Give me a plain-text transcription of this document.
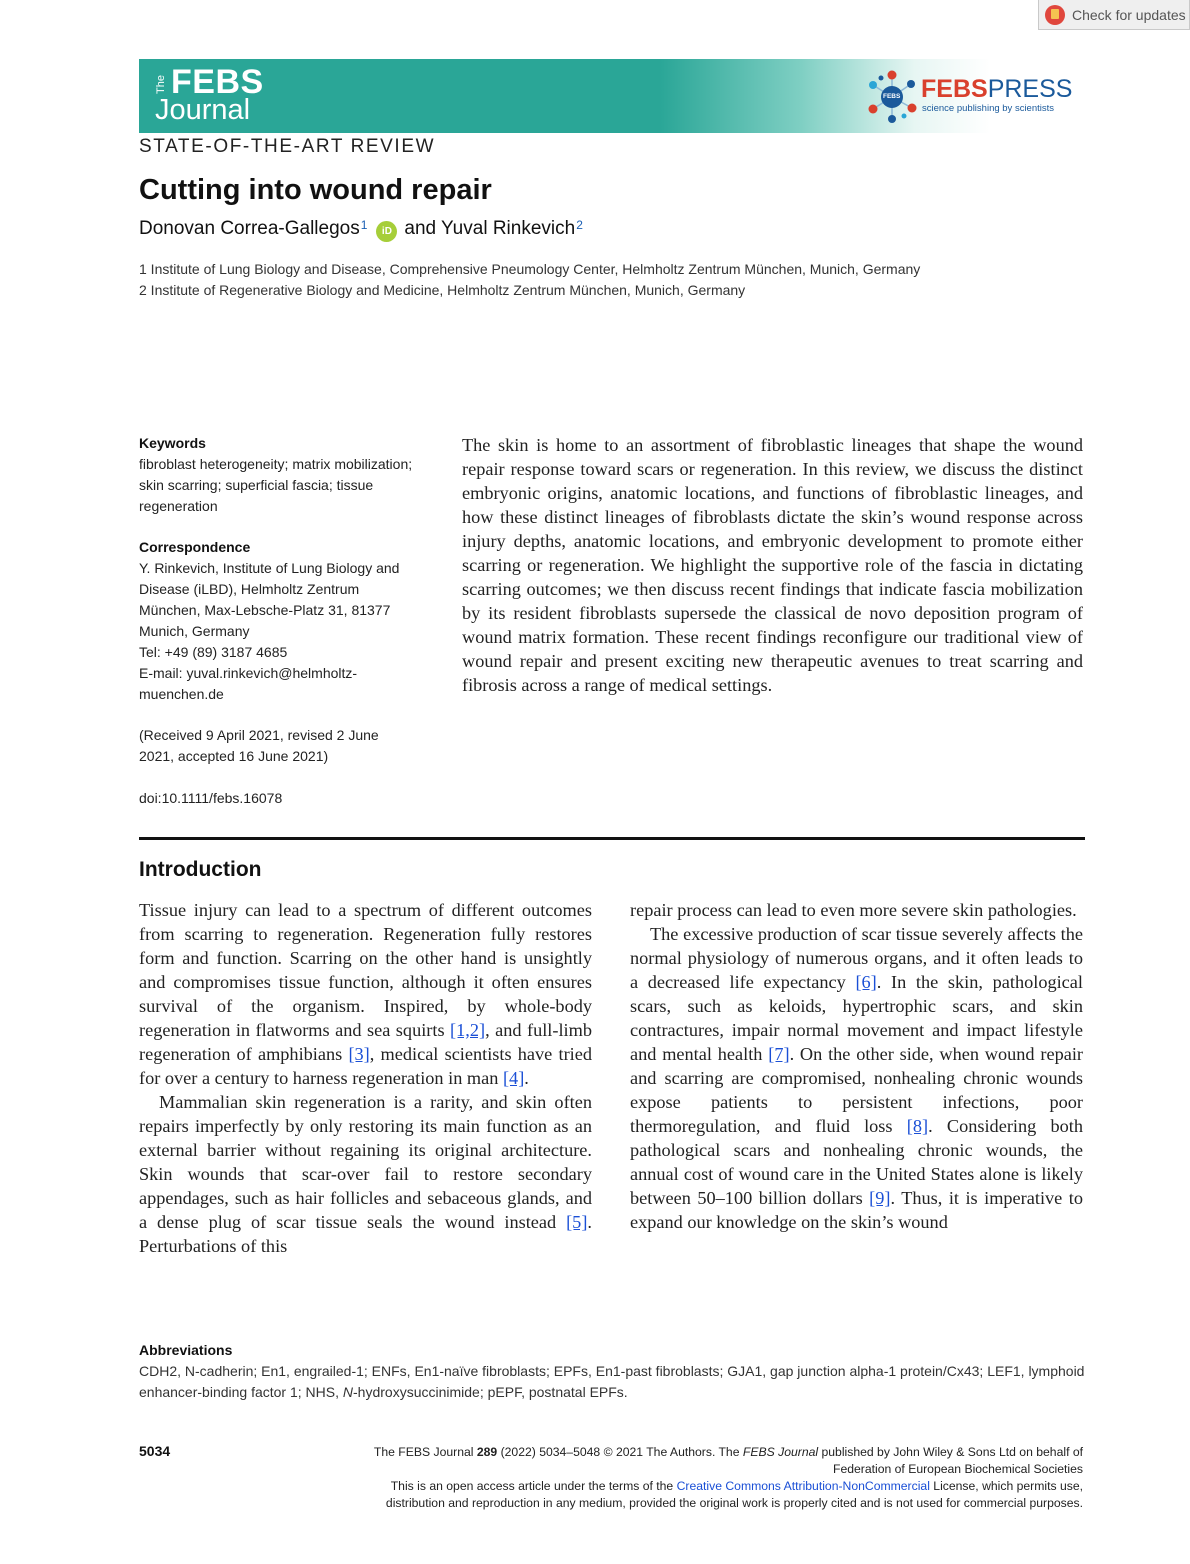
Check for updates
The FEBS
Journal	FEBS FEBSPRESS
science publishing by scientists
STATE-OF-THE-ART REVIEW
Cutting into wound repair
Donovan Correa-Gallegos$^1$	iD and Yuval Rinkevich$^2$
1 Institute of Lung Biology and Disease, Comprehensive Pneumology Center, Helmholtz Zentrum München, Munich, Germany
2 Institute of Regenerative Biology and Medicine, Helmholtz Zentrum München, Munich, Germany
Keywords
fibroblast heterogeneity; matrix mobilization;
skin scarring; superficial fascia; tissue
regeneration
Correspondence
Y. Rinkevich, Institute of Lung Biology and
Disease (iLBD), Helmholtz Zentrum
München, Max-Lebsche-Platz 31, 81377
Munich, Germany
Tel: +49 (89) 3187 4685
E-mail: yuval.rinkevich@helmholtz-
muenchen.de
(Received 9 April 2021, revised 2 June
2021, accepted 16 June 2021)
doi:10.1111/febs.16078
The skin is home to an assortment of fibroblastic lineages that shape the wound repair response toward scars or regeneration. In this review, we discuss the distinct embryonic origins, anatomic locations, and functions of fibroblastic lineages, and how these distinct lineages of fibroblasts dictate the skin’s wound response across injury depths, anatomic locations, and embryonic development to promote either scarring or regeneration. We highlight the supportive role of the fascia in dictating scarring outcomes; we then discuss recent findings that indicate fascia mobilization by its resident fibroblasts supersede the classical de novo deposition program of wound matrix formation. These recent findings reconfigure our traditional view of wound repair and present exciting new therapeutic avenues to treat scarring and fibrosis across a range of medical settings.
Introduction

Tissue injury can lead to a spectrum of different outcomes from scarring to regeneration. Regeneration fully restores form and function. Scarring on the other hand is unsightly and compromises tissue function, although it often ensures survival of the organism. Inspired, by whole-body regeneration in flatworms and sea squirts [1,2], and full-limb regeneration of amphibians [3], medical scientists have tried for over a century to harness regeneration in man [4].

Mammalian skin regeneration is a rarity, and skin often repairs imperfectly by only restoring its main function as an external barrier without regaining its original architecture. Skin wounds that scar-over fail to restore secondary appendages, such as hair follicles and sebaceous glands, and a dense plug of scar tissue seals the wound instead [5]. Perturbations of this

repair process can lead to even more severe skin pathologies.

The excessive production of scar tissue severely affects the normal physiology of numerous organs, and it often leads to a decreased life expectancy [6]. In the skin, pathological scars, such as keloids, hypertrophic scars, and skin contractures, impair normal movement and impact lifestyle and mental health [7]. On the other side, when wound repair and scarring are compromised, nonhealing chronic wounds expose patients to persistent infections, poor thermoregulation, and fluid loss [8]. Considering both pathological scars and nonhealing chronic wounds, the annual cost of wound care in the United States alone is likely between 50–100 billion dollars [9]. Thus, it is imperative to expand our knowledge on the skin’s wound

Abbreviations
CDH2, N-cadherin; En1, engrailed-1; ENFs, En1-naïve fibroblasts; EPFs, En1-past fibroblasts; GJA1, gap junction alpha-1 protein/Cx43; LEF1, lymphoid enhancer-binding factor 1; NHS, N-hydroxysuccinimide; pEPF, postnatal EPFs.
5034	The FEBS Journal 289 (2022) 5034–5048 © 2021 The Authors. The FEBS Journal published by John Wiley & Sons Ltd on behalf of
Federation of European Biochemical Societies
This is an open access article under the terms of the Creative Commons Attribution-NonCommercial License, which permits use,
distribution and reproduction in any medium, provided the original work is properly cited and is not used for commercial purposes.
